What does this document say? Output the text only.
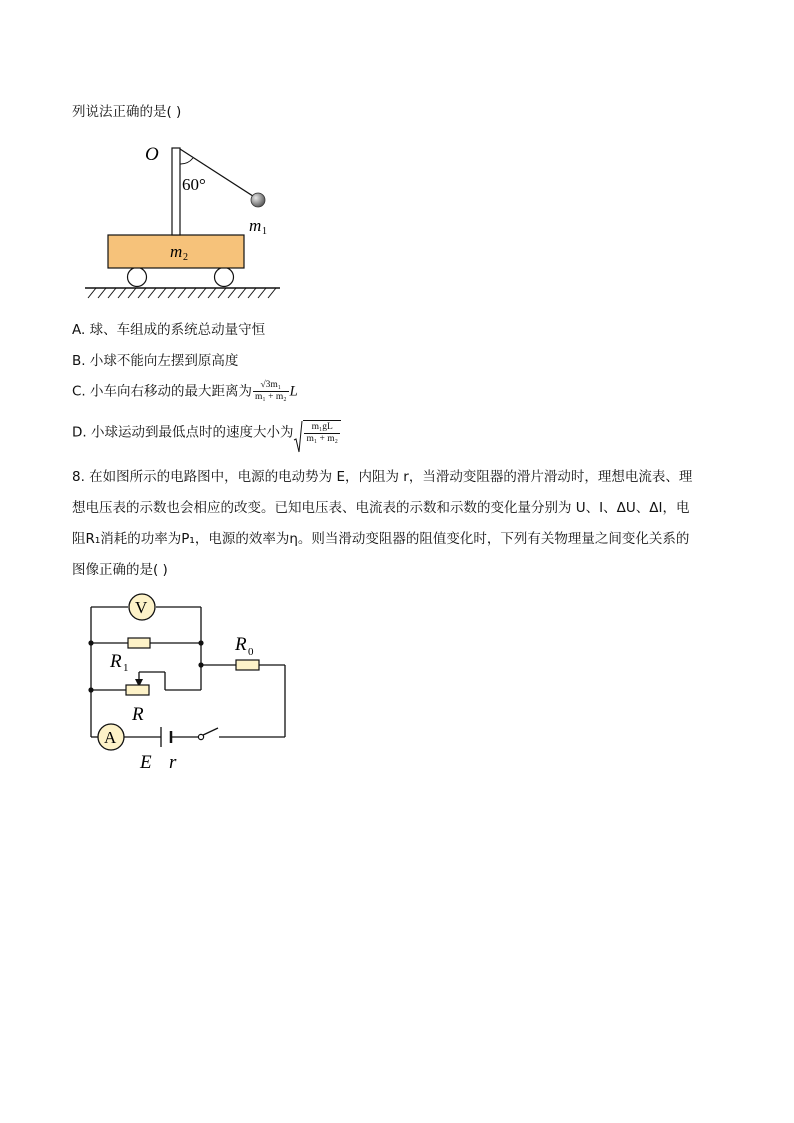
列说法正确的是( )
m 2
O
60°
m 1
A. 球、车组成的系统总动量守恒
B. 小球不能向左摆到原高度
C. 小车向右移动的最大距离为 $\frac{\text{√3m₁}}{\text{m₁ + m₂}}$ L
D. 小球运动到最低点时的速度大小为 $\frac{\text{m₁gL}}{\text{m₁ + m₂}}$
8. 在如图所示的电路图中，电源的电动势为 E，内阻为 r，当滑动变阻器的滑片滑动时，理想电流表、理
想电压表的示数也会相应的改变。已知电压表、电流表的示数和示数的变化量分别为 U、I、ΔU、ΔI，电
阻R₁消耗的功率为P₁，电源的效率为η。则当滑动变阻器的阻值变化时，下列有关物理量之间变化关系的
图像正确的是( )
V
R 1
R 0
R
A
E r
